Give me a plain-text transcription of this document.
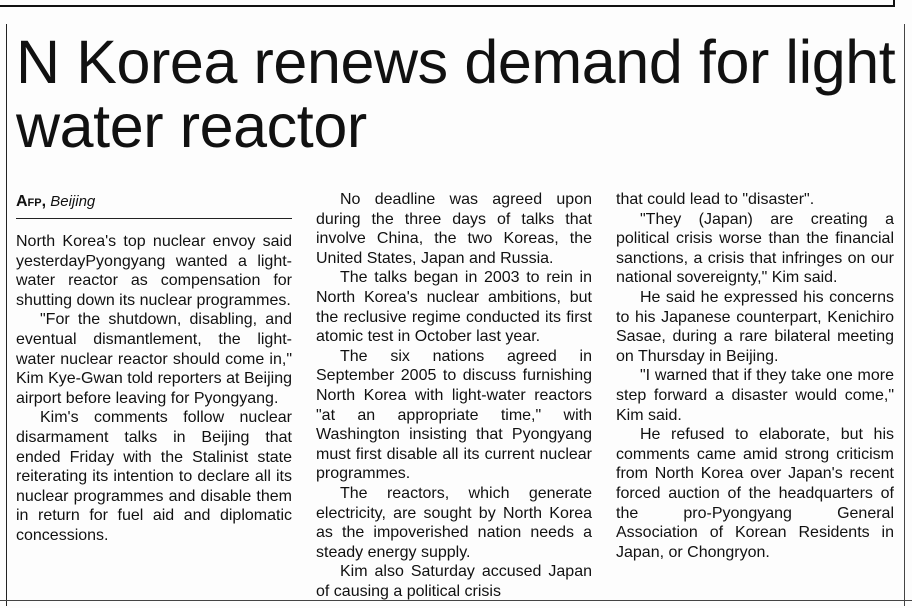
N Korea renews demand for light water reactor
Afp, Beijing

North Korea's top nuclear envoy said yesterdayPyongyang wanted a light-water reactor as compensation for shutting down its nuclear programmes.

"For the shutdown, disabling, and eventual dismantlement, the light-water nuclear reactor should come in," Kim Kye-Gwan told reporters at Beijing airport before leaving for Pyongyang.

Kim's comments follow nuclear disarmament talks in Beijing that ended Friday with the Stalinist state reiterating its intention to declare all its nuclear programmes and disable them in return for fuel aid and diplomatic concessions.

No deadline was agreed upon during the three days of talks that involve China, the two Koreas, the United States, Japan and Russia.

The talks began in 2003 to rein in North Korea's nuclear ambitions, but the reclusive regime conducted its first atomic test in October last year.

The six nations agreed in September 2005 to discuss furnishing North Korea with light-water reactors "at an appropriate time," with Washington insisting that Pyongyang must first disable all its current nuclear programmes.

The reactors, which generate electricity, are sought by North Korea as the impoverished nation needs a steady energy supply.

Kim also Saturday accused Japan of causing a political crisis

that could lead to "disaster".

"They (Japan) are creating a political crisis worse than the financial sanctions, a crisis that infringes on our national sovereignty," Kim said.

He said he expressed his concerns to his Japanese counterpart, Kenichiro Sasae, during a rare bilateral meeting on Thursday in Beijing.

"I warned that if they take one more step forward a disaster would come," Kim said.

He refused to elaborate, but his comments came amid strong criticism from North Korea over Japan's recent forced auction of the headquarters of the pro-Pyongyang General Association of Korean Residents in Japan, or Chongryon.
